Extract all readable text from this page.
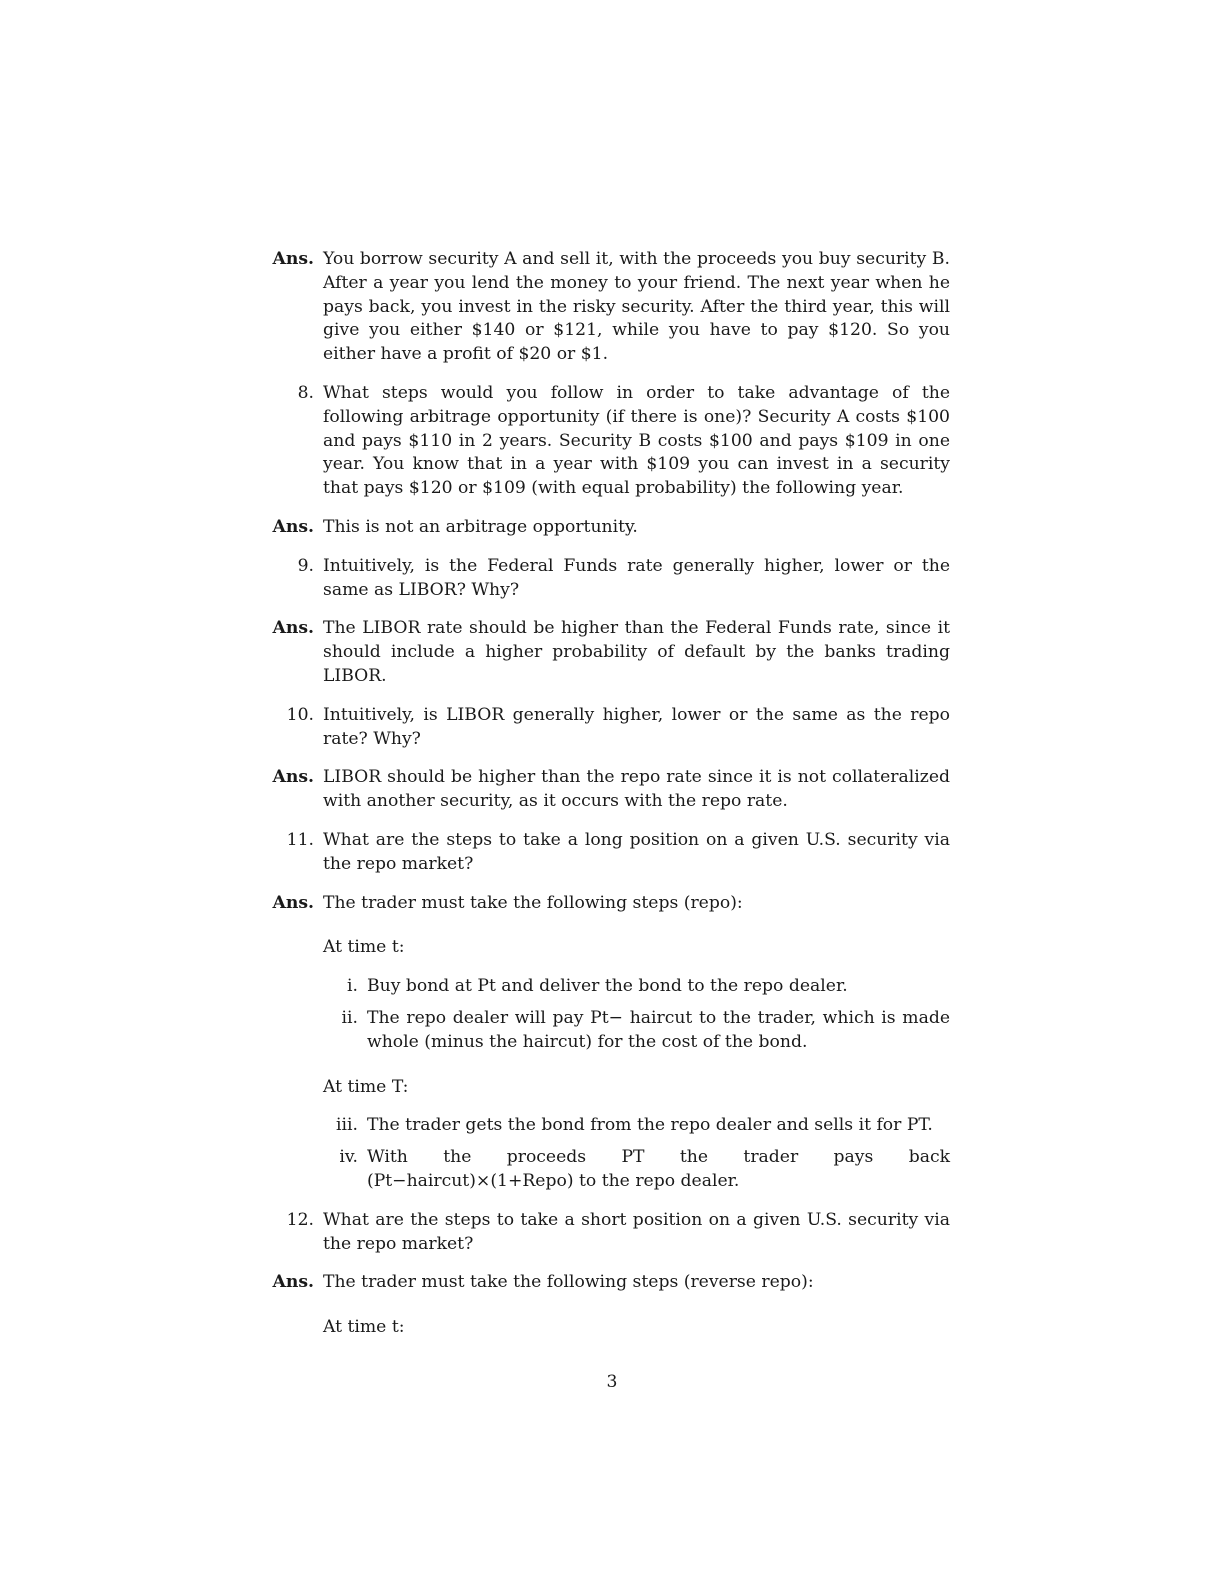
Ans. You borrow security A and sell it, with the proceeds you buy security B. After a year you lend the money to your friend. The next year when he pays back, you invest in the risky security. After the third year, this will give you either $140 or $121, while you have to pay $120. So you either have a profit of $20 or $1.
8. What steps would you follow in order to take advantage of the following arbitrage opportunity (if there is one)? Security A costs $100 and pays $110 in 2 years. Security B costs $100 and pays $109 in one year. You know that in a year with $109 you can invest in a security that pays $120 or $109 (with equal probability) the following year.
Ans. This is not an arbitrage opportunity.
9. Intuitively, is the Federal Funds rate generally higher, lower or the same as LIBOR? Why?
Ans. The LIBOR rate should be higher than the Federal Funds rate, since it should include a higher probability of default by the banks trading LIBOR.
10. Intuitively, is LIBOR generally higher, lower or the same as the repo rate? Why?
Ans. LIBOR should be higher than the repo rate since it is not collateralized with another security, as it occurs with the repo rate.
11. What are the steps to take a long position on a given U.S. security via the repo market?
Ans. The trader must take the following steps (repo):
At time t:
i. Buy bond at Pt and deliver the bond to the repo dealer.
ii. The repo dealer will pay Pt− haircut to the trader, which is made whole (minus the haircut) for the cost of the bond.
At time T:
iii. The trader gets the bond from the repo dealer and sells it for PT.
iv. With the proceeds PT the trader pays back (Pt−haircut)×(1+Repo) to the repo dealer.
12. What are the steps to take a short position on a given U.S. security via the repo market?
Ans. The trader must take the following steps (reverse repo):
At time t:
3
